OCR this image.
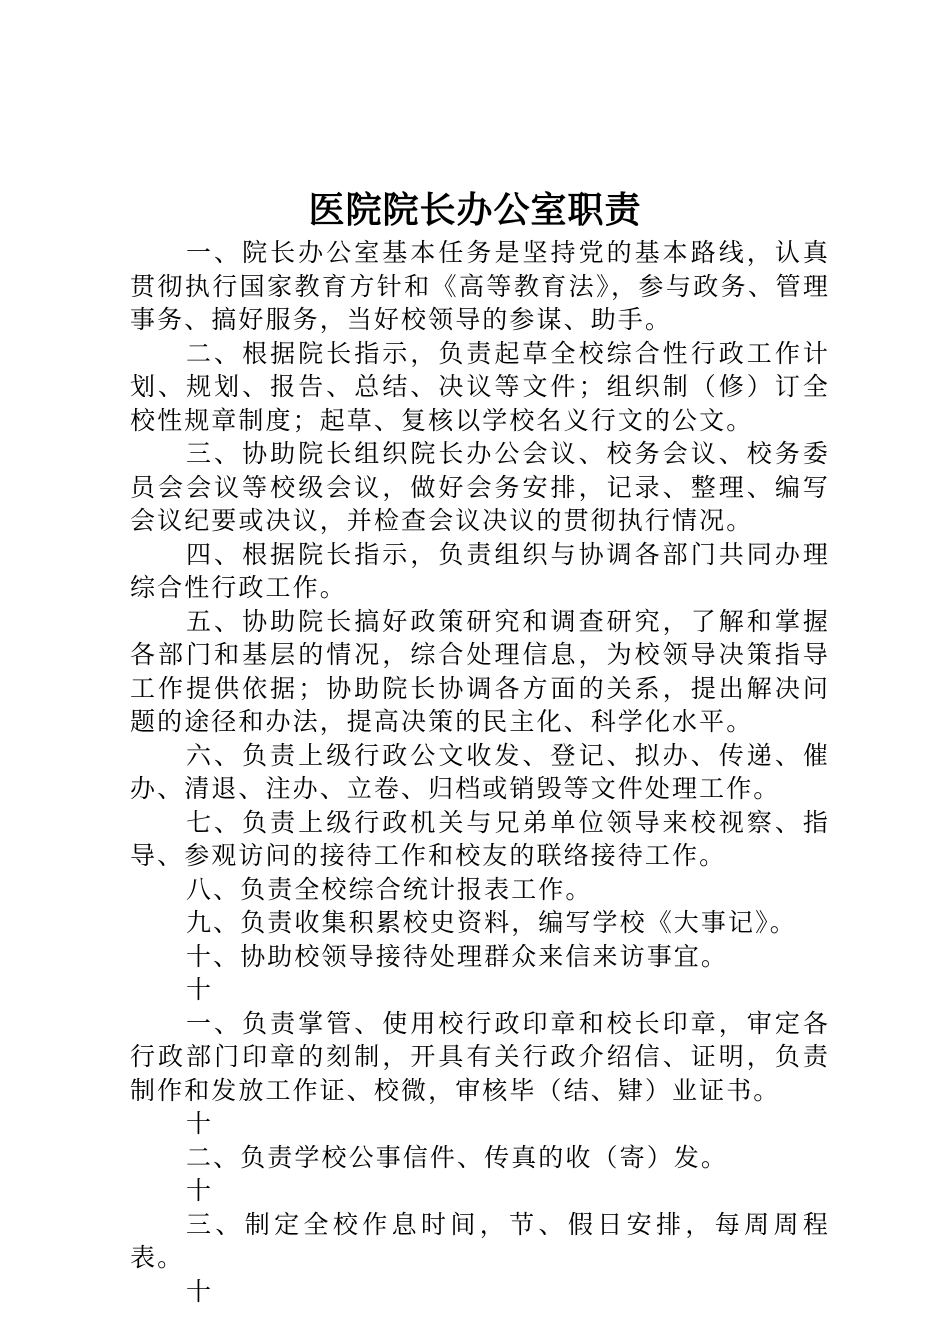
医院院长办公室职责

一、院长办公室基本任务是坚持党的基本路线，认真贯彻执行国家教育方针和《高等教育法》，参与政务、管理事务、搞好服务，当好校领导的参谋、助手。

二、根据院长指示，负责起草全校综合性行政工作计划、规划、报告、总结、决议等文件；组织制（修）订全校性规章制度；起草、复核以学校名义行文的公文。

三、协助院长组织院长办公会议、校务会议、校务委员会会议等校级会议，做好会务安排，记录、整理、编写会议纪要或决议，并检查会议决议的贯彻执行情况。

四、根据院长指示，负责组织与协调各部门共同办理综合性行政工作。

五、协助院长搞好政策研究和调查研究，了解和掌握各部门和基层的情况，综合处理信息，为校领导决策指导工作提供依据；协助院长协调各方面的关系，提出解决问题的途径和办法，提高决策的民主化、科学化水平。

六、负责上级行政公文收发、登记、拟办、传递、催办、清退、注办、立卷、归档或销毁等文件处理工作。

七、负责上级行政机关与兄弟单位领导来校视察、指导、参观访问的接待工作和校友的联络接待工作。

八、负责全校综合统计报表工作。

九、负责收集积累校史资料，编写学校《大事记》。

十、协助校领导接待处理群众来信来访事宜。

十

一、负责掌管、使用校行政印章和校长印章，审定各行政部门印章的刻制，开具有关行政介绍信、证明，负责制作和发放工作证、校微，审核毕（结、肄）业证书。

十

二、负责学校公事信件、传真的收（寄）发。

十

三、制定全校作息时间，节、假日安排，每周周程表。

十
